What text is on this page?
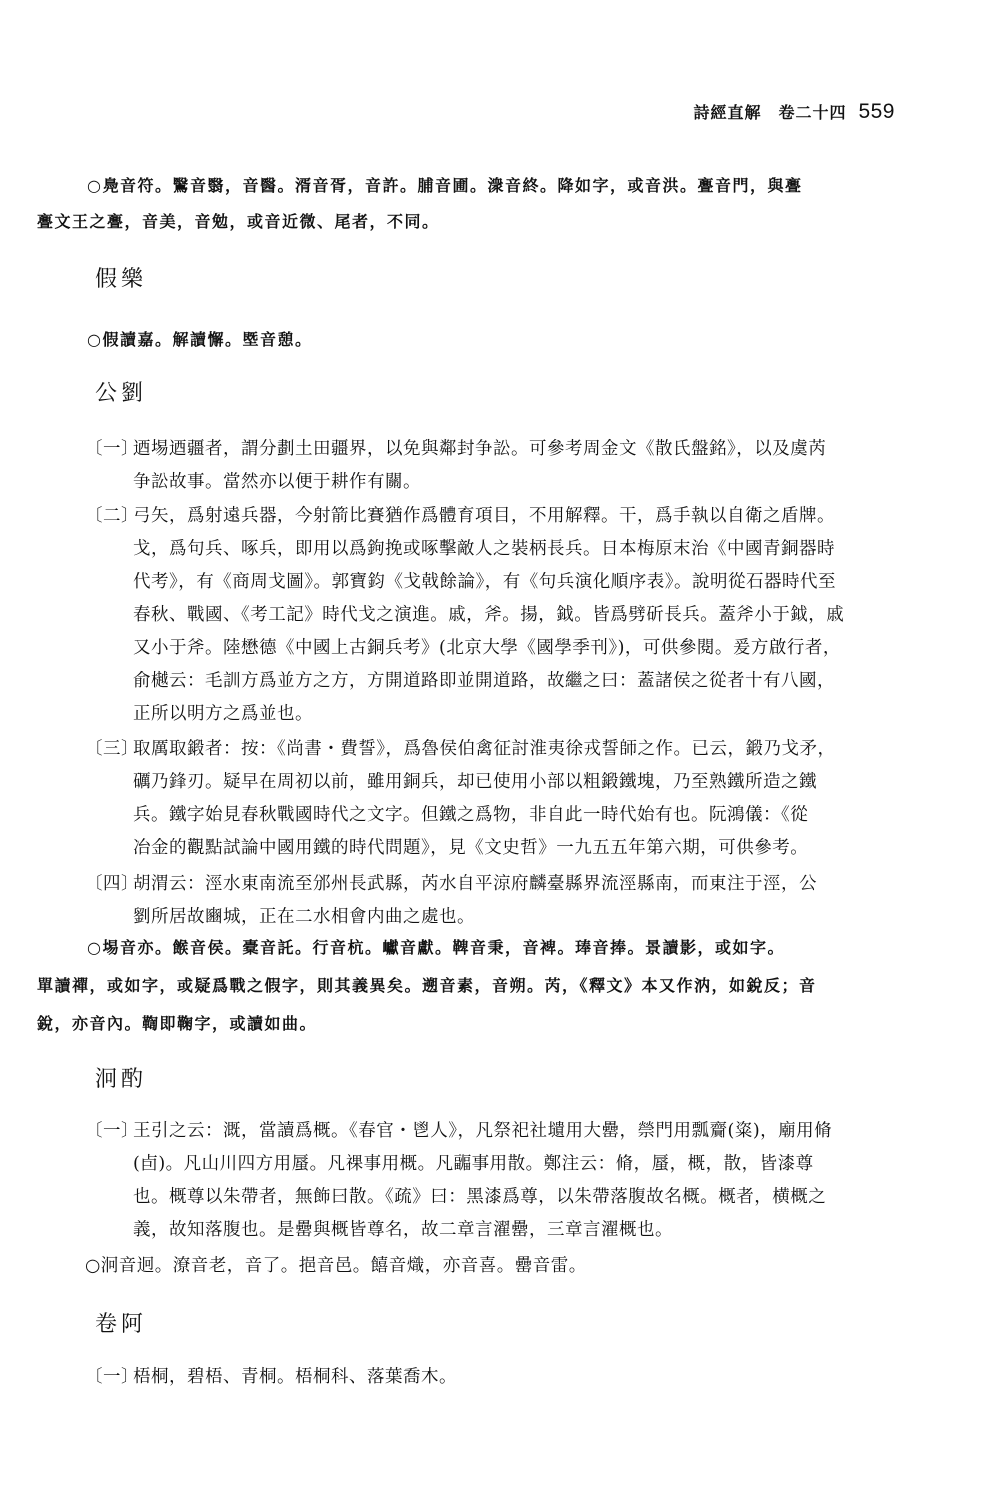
詩經直解　卷二十四 559
○鳧音符。鷖音翳，音醫。湑音胥，音許。脯音圃。潨音終。降如字，或音洪。亹音門，與亹
亹文王之亹，音美，音勉，或音近微、尾者，不同。
假樂
○假讀嘉。解讀懈。塈音憩。
公劉
〔一〕迺埸迺疆者，謂分劃土田疆界，以免與鄰封争訟。可參考周金文《散氏盤銘》，以及虞芮
争訟故事。當然亦以便于耕作有關。
〔二〕弓矢，爲射遠兵器，今射箭比賽猶作爲體育項目，不用解釋。干，爲手執以自衛之盾牌。
戈，爲句兵、啄兵，即用以爲鉤挽或啄擊敵人之裝柄長兵。日本梅原末治《中國青銅器時
代考》，有《商周戈圖》。郭寶鈞《戈戟餘論》，有《句兵演化順序表》。說明從石器時代至
春秋、戰國、《考工記》時代戈之演進。戚，斧。揚，鉞。皆爲劈斫長兵。蓋斧小于鉞，戚
又小于斧。陸懋德《中國上古銅兵考》(北京大學《國學季刊》)，可供參閱。爰方啟行者，
俞樾云：毛訓方爲並方之方，方開道路即並開道路，故繼之曰：蓋諸侯之從者十有八國，
正所以明方之爲並也。
〔三〕取厲取鍛者：按：《尚書・費誓》，爲魯侯伯禽征討淮夷徐戎誓師之作。已云，鍛乃戈矛，
礪乃鋒刃。疑早在周初以前，雖用銅兵，却已使用小部以粗鍛鐵塊，乃至熟鐵所造之鐵
兵。鐵字始見春秋戰國時代之文字。但鐵之爲物，非自此一時代始有也。阮鴻儀：《從
冶金的觀點試論中國用鐵的時代問題》，見《文史哲》一九五五年第六期，可供參考。
〔四〕胡渭云：涇水東南流至邠州長武縣，芮水自平涼府麟臺縣界流涇縣南，而東注于涇，公
劉所居故豳城，正在二水相會内曲之處也。
○埸音亦。餱音侯。橐音託。行音杭。巘音獻。鞞音秉，音裨。琫音捧。景讀影，或如字。
單讀禪，或如字，或疑爲戰之假字，則其義異矣。遡音素，音朔。芮，《釋文》本又作汭，如銳反；音
銳，亦音內。鞫即鞠字，或讀如曲。
泂酌
〔一〕王引之云：溉，當讀爲概。《春官・鬯人》，凡祭祀社壝用大罍，禜門用瓢齎(粢)，廟用脩
(卣)。凡山川四方用蜃。凡祼事用概。凡疈事用散。鄭注云：脩，蜃，概，散，皆漆尊
也。概尊以朱帶者，無飾曰散。《疏》曰：黑漆爲尊，以朱帶落腹故名概。概者，横概之
義，故知落腹也。是罍與概皆尊名，故二章言濯罍，三章言濯概也。
○泂音迥。潦音老，音了。挹音邑。饎音熾，亦音喜。罍音雷。
卷阿
〔一〕梧桐，碧梧、青桐。梧桐科、落葉喬木。
